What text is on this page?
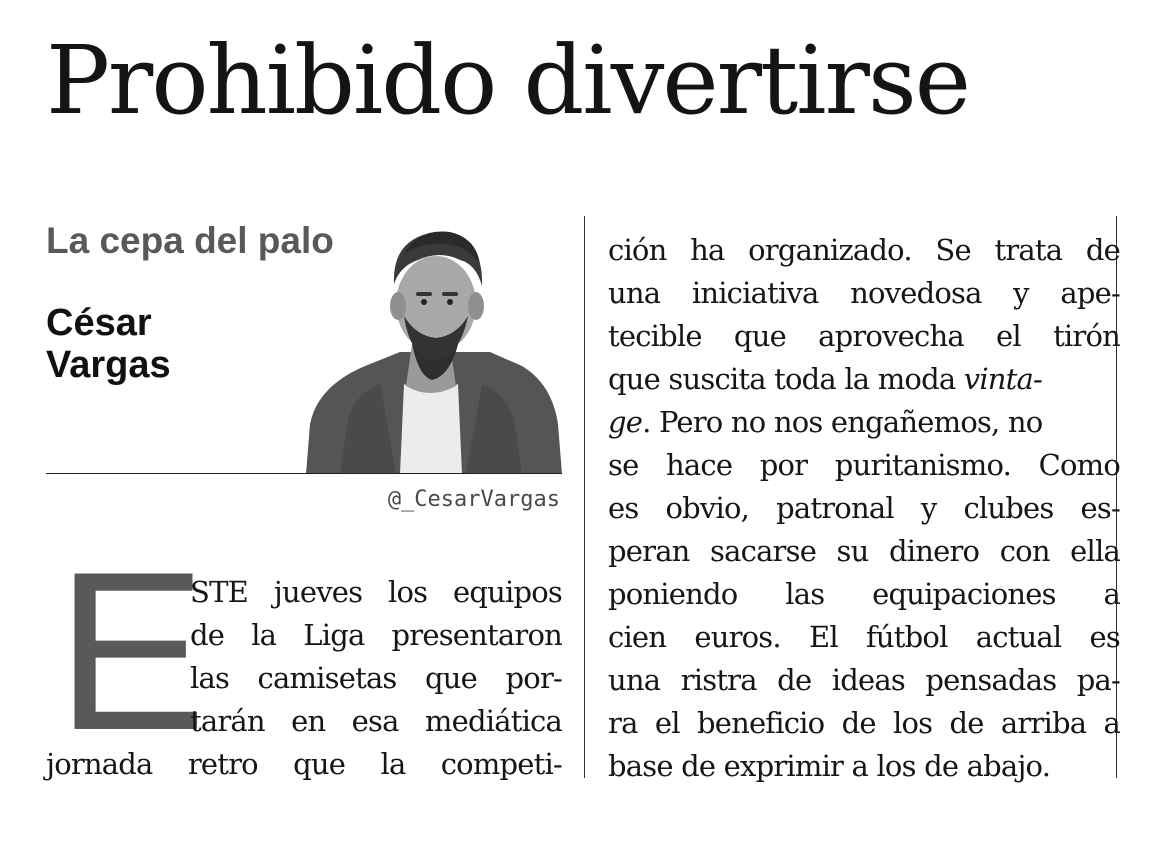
Prohibido divertirse
La cepa del palo
César Vargas
@_CesarVargas
E
STE jueves los equipos
de la Liga presentaron
las camisetas que por-
tarán en esa mediática
jornada retro que la competi-
ción ha organizado. Se trata de
una iniciativa novedosa y ape-
tecible que aprovecha el tirón
que suscita toda la moda vinta-
ge. Pero no nos engañemos, no
se hace por puritanismo. Como
es obvio, patronal y clubes es-
peran sacarse su dinero con ella
poniendo las equipaciones a
cien euros. El fútbol actual es
una ristra de ideas pensadas pa-
ra el beneficio de los de arriba a
base de exprimir a los de abajo.
